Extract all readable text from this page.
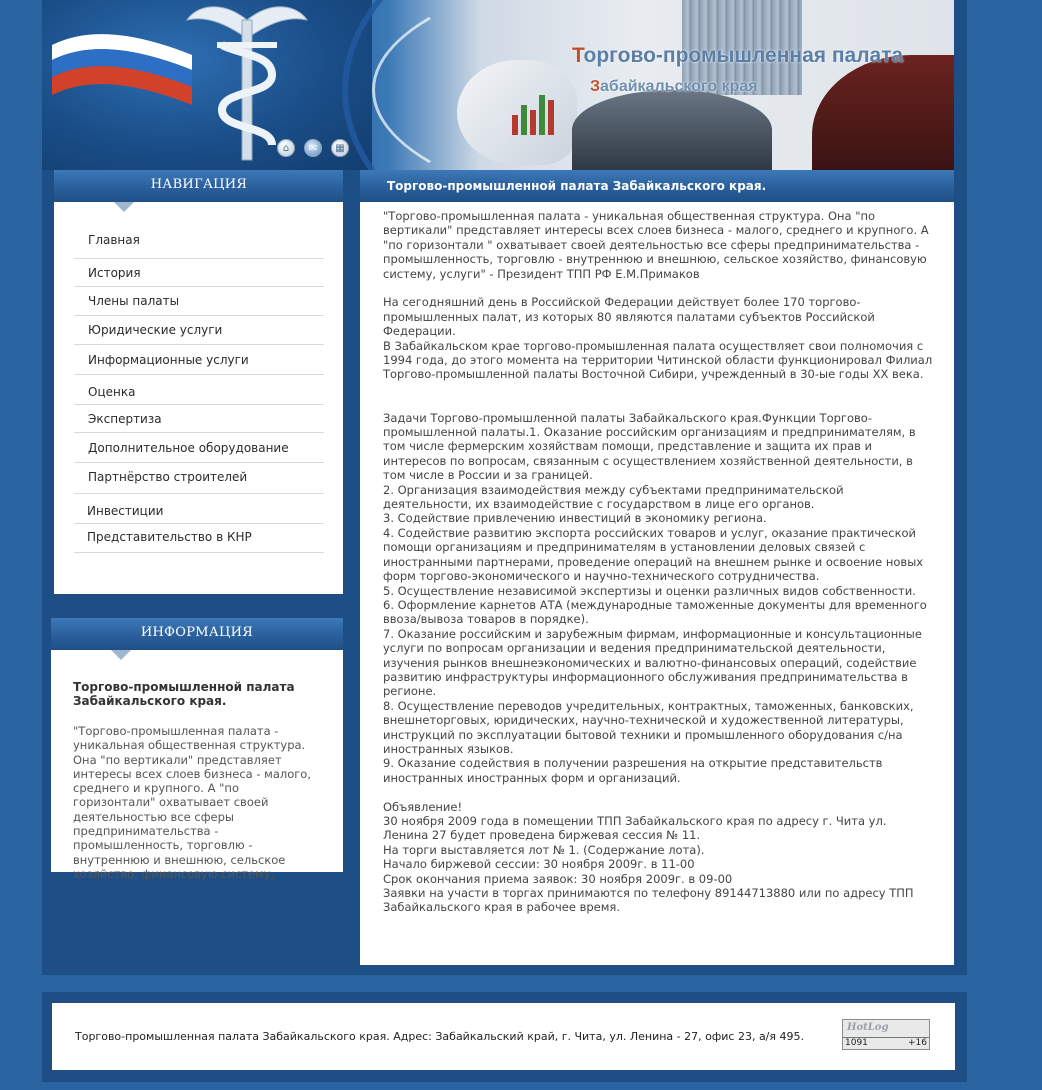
Торгово-промышленная палата
Забайкальского края
⌂	✉	▦
НАВИГАЦИЯ
Главная
История
Члены палаты
Юридические услуги
Информационные услуги
Оценка
Экспертиза
Дополнительное оборудование
Партнёрство строителей
Инвестиции
Представительство в КНР
ИНФОРМАЦИЯ
Торгово-промышленной палата Забайкальского края.
"Торгово-промышленная палата - уникальная общественная структура. Она "по вертикали" представляет интересы всех слоев бизнеса - малого, среднего и крупного. А "по горизонтали" охватывает своей деятельностью все сферы предпринимательства - промышленность, торговлю - внутреннюю и внешнюю, сельское хозяйство, финансовую систему,
Торгово-промышленной палата Забайкальского края.

"Торгово-промышленная палата - уникальная общественная структура. Она "по вертикали" представляет интересы всех слоев бизнеса - малого, среднего и крупного. А "по горизонтали " охватывает своей деятельностью все сферы предпринимательства - промышленность, торговлю - внутреннюю и внешнюю, сельское хозяйство, финансовую систему, услуги" - Президент ТПП РФ Е.М.Примаков

На сегодняшний день в Российской Федерации действует более 170 торгово-промышленных палат, из которых 80 являются палатами субъектов Российской Федерации.

В Забайкальском крае торгово-промышленная палата осуществляет свои полномочия с 1994 года, до этого момента на территории Читинской области функционировал Филиал Торгово-промышленной палаты Восточной Сибири, учрежденный в 30-ые годы XX века.

Задачи Торгово-промышленной палаты Забайкальского края.Функции Торгово-промышленной палаты.1. Оказание российским организациям и предпринимателям, в том числе фермерским хозяйствам помощи, представление и защита их прав и интересов по вопросам, связанным с осуществлением хозяйственной деятельности, в том числе в России и за границей.

2. Организация взаимодействия между субъектами предпринимательской деятельности, их взаимодействие с государством в лице его органов.

3. Содействие привлечению инвестиций в экономику региона.

4. Содействие развитию экспорта российских товаров и услуг, оказание практической помощи организациям и предпринимателям в установлении деловых связей с иностранными партнерами, проведение операций на внешнем рынке и освоение новых форм торгово-экономического и научно-технического сотрудничества.

5. Осуществление независимой экспертизы и оценки различных видов собственности.

6. Оформление карнетов АТА (международные таможенные документы для временного ввоза/вывоза товаров в порядке).

7. Оказание российским и зарубежным фирмам, информационные и консультационные услуги по вопросам организации и ведения предпринимательской деятельности, изучения рынков внешнеэкономических и валютно-финансовых операций, содействие развитию инфраструктуры информационного обслуживания предпринимательства в регионе.

8. Осуществление переводов учредительных, контрактных, таможенных, банковских, внешнеторговых, юридических, научно-технической и художественной литературы, инструкций по эксплуатации бытовой техники и промышленного оборудования с/на иностранных языков.

9. Оказание содействия в получении разрешения на открытие представительств иностранных иностранных форм и организаций.

Объявление!

30 ноября 2009 года в помещении ТПП Забайкальского края по адресу г. Чита ул. Ленина 27 будет проведена биржевая сессия № 11.

На торги выставляется лот № 1. (Содержание лота).

Начало биржевой сессии: 30 ноября 2009г. в 11-00

Срок окончания приема заявок: 30 ноября 2009г. в 09-00

Заявки на участи в торгах принимаются по телефону 89144713880 или по адресу ТПП Забайкальского края в рабочее время.

Торгово-промышленная палата Забайкальского края. Адрес: Забайкальский край, г. Чита, ул. Ленина - 27, офис 23, а/я 495.
HotLog
1091	+16
